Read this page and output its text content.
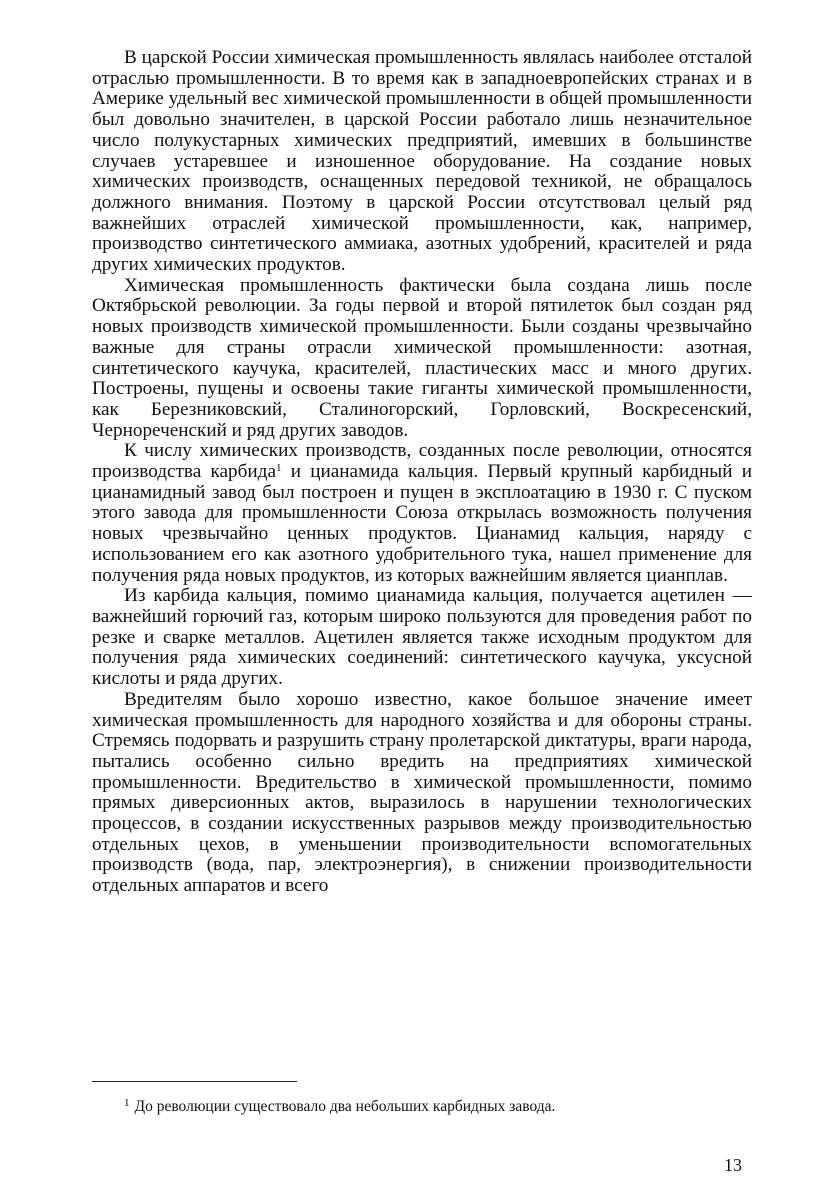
В царской России химическая промышленность являлась наиболее отсталой отраслью промышленности. В то время как в западноевропейских странах и в Америке удельный вес химической промышленности в общей промышленности был довольно значителен, в царской России работало лишь незначительное число полукустарных химических предприятий, имевших в большинстве случаев устаревшее и изношенное оборудование. На создание новых химических производств, оснащенных передовой техникой, не обращалось должного внимания. Поэтому в царской России отсутствовал целый ряд важнейших отраслей химической промышленности, как, например, производство синтетического аммиака, азотных удобрений, красителей и ряда других химических продуктов.

Химическая промышленность фактически была создана лишь после Октябрьской революции. За годы первой и второй пятилеток был создан ряд новых производств химической промышленности. Были созданы чрезвычайно важные для страны отрасли химической промышленности: азотная, синтетического каучука, красителей, пластических масс и много других. Построены, пущены и освоены такие гиганты химической промышленности, как Березниковский, Сталиногорский, Горловский, Воскресенский, Чернореченский и ряд других заводов.

К числу химических производств, созданных после революции, относятся производства карбида$^1$ и цианамида кальция. Первый крупный карбидный и цианамидный завод был построен и пущен в эксплоатацию в 1930 г. С пуском этого завода для промышленности Союза открылась возможность получения новых чрезвычайно ценных продуктов. Цианамид кальция, наряду с использованием его как азотного удобрительного тука, нашел применение для получения ряда новых продуктов, из которых важнейшим является цианплав.

Из карбида кальция, помимо цианамида кальция, получается ацетилен — важнейший горючий газ, которым широко пользуются для проведения работ по резке и сварке металлов. Ацетилен является также исходным продуктом для получения ряда химических соединений: синтетического каучука, уксусной кислоты и ряда других.

Вредителям было хорошо известно, какое большое значение имеет химическая промышленность для народного хозяйства и для обороны страны. Стремясь подорвать и разрушить страну пролетарской диктатуры, враги народа, пытались особенно сильно вредить на предприятиях химической промышленности. Вредительство в химической промышленности, помимо прямых диверсионных актов, выразилось в нарушении технологических процессов, в создании искусственных разрывов между производительностью отдельных цехов, в уменьшении производительности вспомогательных производств (вода, пар, электроэнергия), в снижении производительности отдельных аппаратов и всего

$^1$ До революции существовало два небольших карбидных завода.
13
